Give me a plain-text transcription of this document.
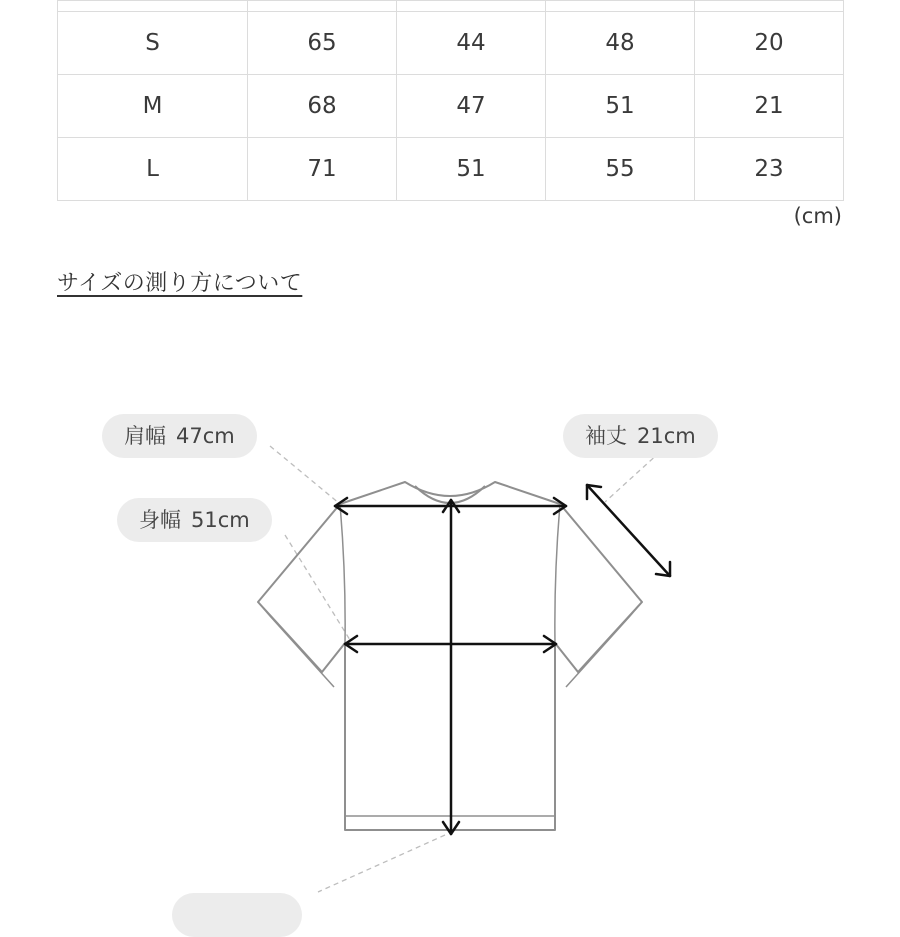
S	65	44	48	20
M	68	47	51	21
L	71	51	55	23
(cm)
サイズの測り方について
肩幅 47cm
身幅 51cm
袖丈 21cm
